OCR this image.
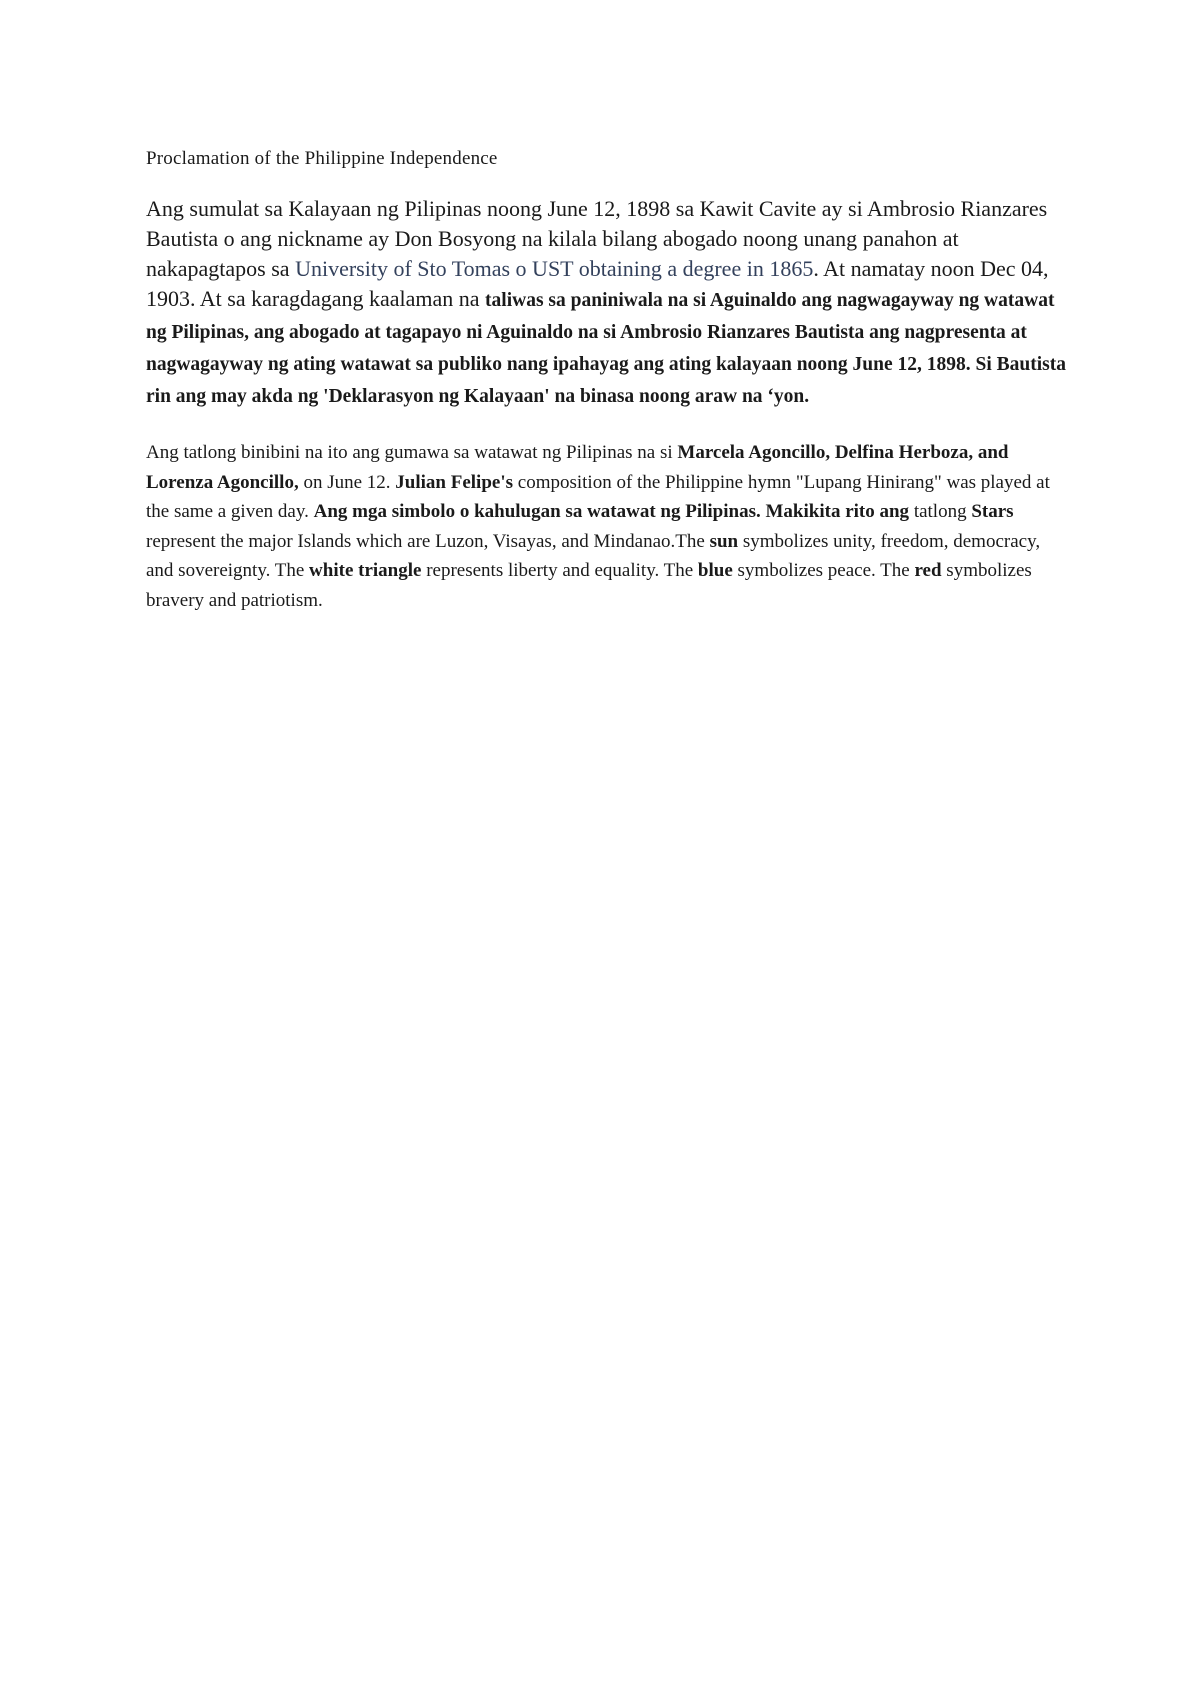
Proclamation of the Philippine Independence

Ang sumulat sa Kalayaan ng Pilipinas noong June 12, 1898 sa Kawit Cavite ay si Ambrosio Rianzares Bautista o ang nickname ay Don Bosyong na kilala bilang abogado noong unang panahon at nakapagtapos sa University of Sto Tomas o UST obtaining a degree in 1865. At namatay noon Dec 04, 1903. At sa karagdagang kaalaman na taliwas sa paniniwala na si Aguinaldo ang nagwagayway ng watawat ng Pilipinas, ang abogado at tagapayo ni Aguinaldo na si Ambrosio Rianzares Bautista ang nagpresenta at nagwagayway ng ating watawat sa publiko nang ipahayag ang ating kalayaan noong June 12, 1898. Si Bautista rin ang may akda ng 'Deklarasyon ng Kalayaan' na binasa noong araw na ‘yon.

Ang tatlong binibini na ito ang gumawa sa watawat ng Pilipinas na si Marcela Agoncillo, Delfina Herboza, and Lorenza Agoncillo, on June 12. Julian Felipe's composition of the Philippine hymn "Lupang Hinirang" was played at the same a given day. Ang mga simbolo o kahulugan sa watawat ng Pilipinas. Makikita rito ang tatlong Stars represent the major Islands which are Luzon, Visayas, and Mindanao.The sun symbolizes unity, freedom, democracy, and sovereignty. The white triangle represents liberty and equality. The blue symbolizes peace. The red symbolizes bravery and patriotism.
